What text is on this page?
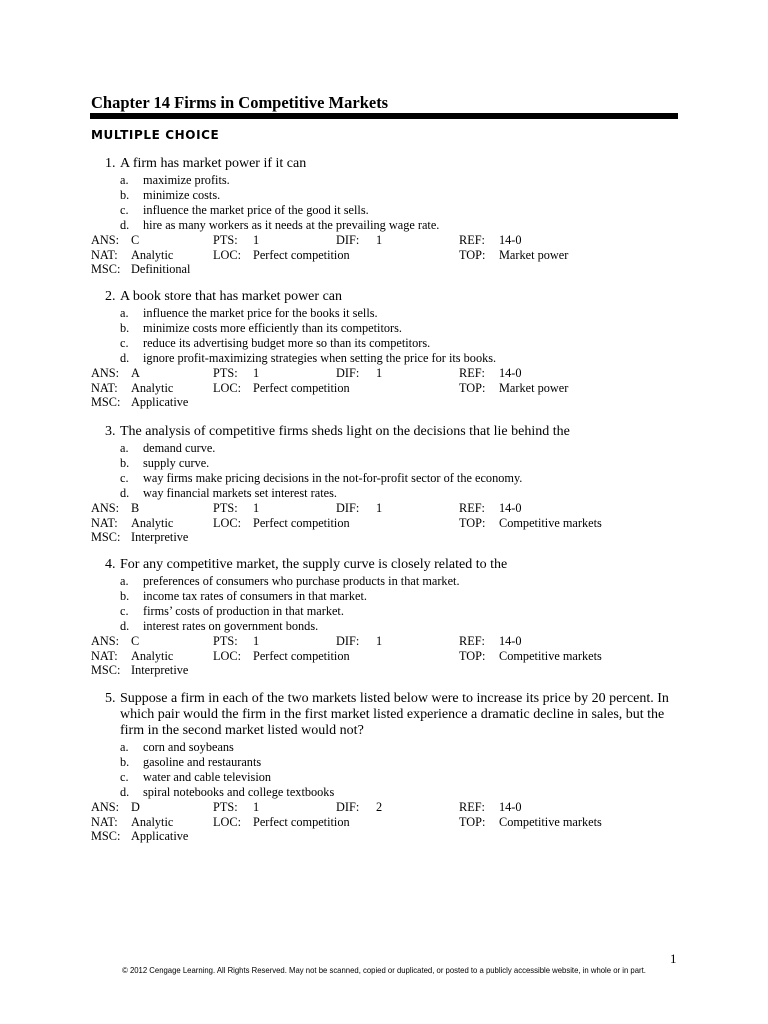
Chapter 14 Firms in Competitive Markets
MULTIPLE CHOICE
1. A firm has market power if it can
a. maximize profits.
b. minimize costs.
c. influence the market price of the good it sells.
d. hire as many workers as it needs at the prevailing wage rate.
ANS: C	PTS: 1	DIF: 1	REF: 14-0
NAT: Analytic	LOC: Perfect competition	TOP: Market power
MSC: Definitional
2. A book store that has market power can
a. influence the market price for the books it sells.
b. minimize costs more efficiently than its competitors.
c. reduce its advertising budget more so than its competitors.
d. ignore profit-maximizing strategies when setting the price for its books.
ANS: A	PTS: 1	DIF: 1	REF: 14-0
NAT: Analytic	LOC: Perfect competition	TOP: Market power
MSC: Applicative
3. The analysis of competitive firms sheds light on the decisions that lie behind the
a. demand curve.
b. supply curve.
c. way firms make pricing decisions in the not-for-profit sector of the economy.
d. way financial markets set interest rates.
ANS: B	PTS: 1	DIF: 1	REF: 14-0
NAT: Analytic	LOC: Perfect competition	TOP: Competitive markets
MSC: Interpretive
4. For any competitive market, the supply curve is closely related to the
a. preferences of consumers who purchase products in that market.
b. income tax rates of consumers in that market.
c. firms’ costs of production in that market.
d. interest rates on government bonds.
ANS: C	PTS: 1	DIF: 1	REF: 14-0
NAT: Analytic	LOC: Perfect competition	TOP: Competitive markets
MSC: Interpretive
5. Suppose a firm in each of the two markets listed below were to increase its price by 20 percent. In which pair would the firm in the first market listed experience a dramatic decline in sales, but the firm in the second market listed would not?
a. corn and soybeans
b. gasoline and restaurants
c. water and cable television
d. spiral notebooks and college textbooks
ANS: D	PTS: 1	DIF: 2	REF: 14-0
NAT: Analytic	LOC: Perfect competition	TOP: Competitive markets
MSC: Applicative
1
© 2012 Cengage Learning. All Rights Reserved. May not be scanned, copied or duplicated, or posted to a publicly accessible website, in whole or in part.
